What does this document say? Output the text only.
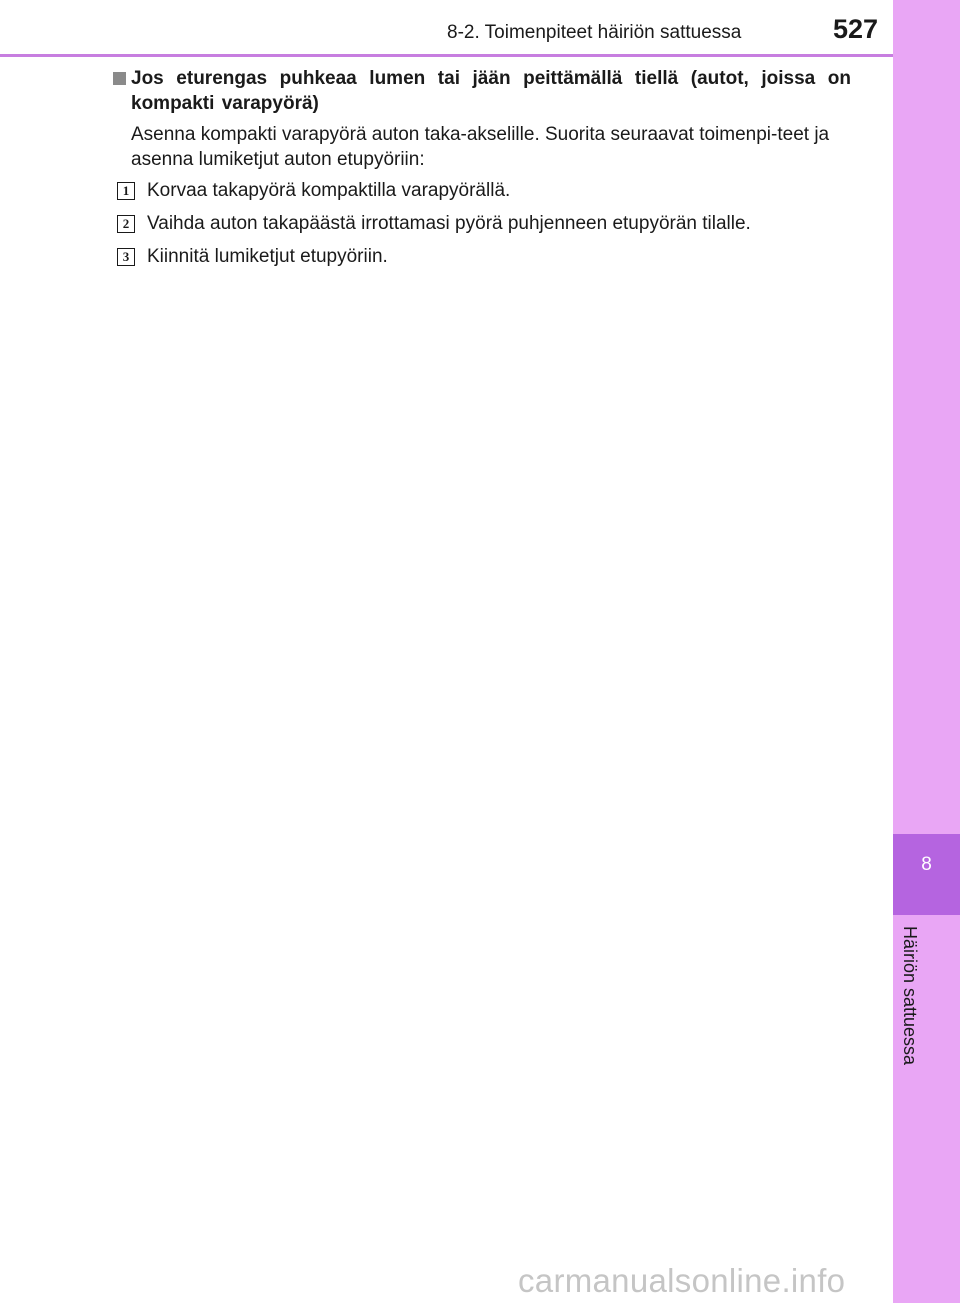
8-2. Toimenpiteet häiriön sattuessa	527
8
Häiriön sattuessa
Jos eturengas puhkeaa lumen tai jään peittämällä tiellä (autot, joissa on kompakti varapyörä)
Asenna kompakti varapyörä auton taka-akselille. Suorita seuraavat toimenpi-teet ja asenna lumiketjut auton etupyöriin:
1 Korvaa takapyörä kompaktilla varapyörällä.
2 Vaihda auton takapäästä irrottamasi pyörä puhjenneen etupyörän tilalle.
3 Kiinnitä lumiketjut etupyöriin.
carmanualsonline.info
